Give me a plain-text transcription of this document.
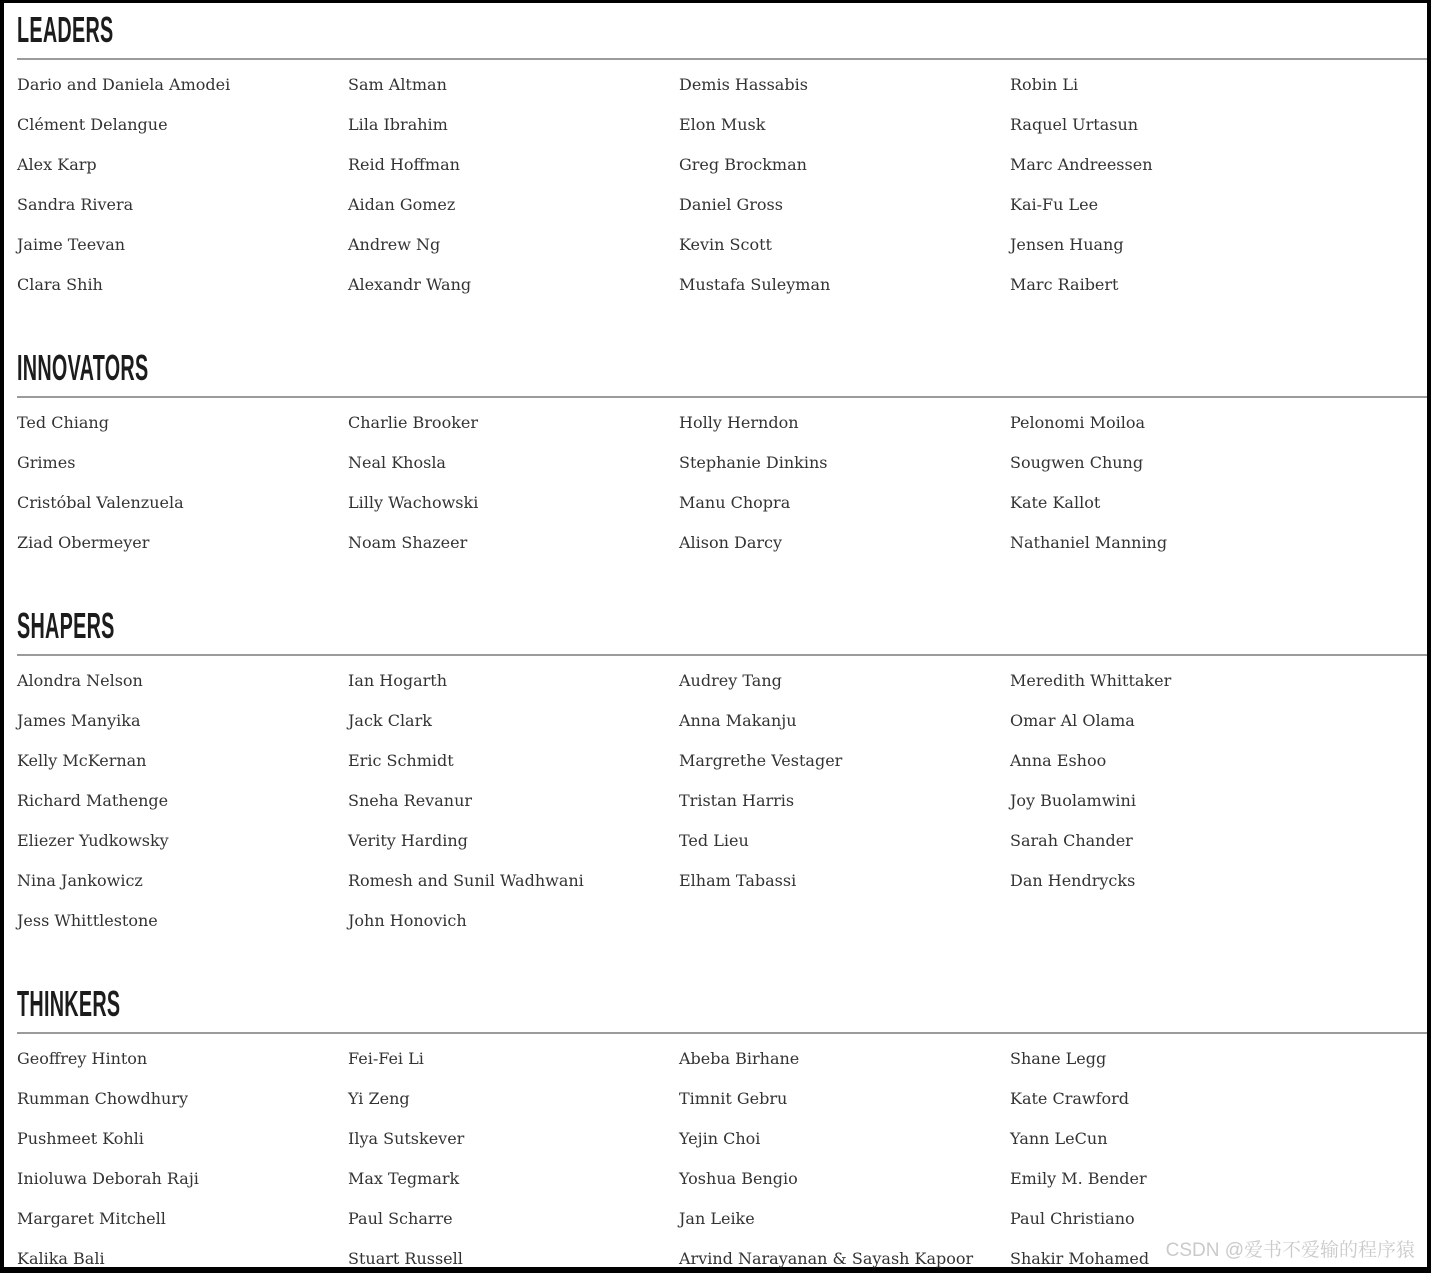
LEADERS
Dario and Daniela Amodei
Clément Delangue
Alex Karp
Sandra Rivera
Jaime Teevan
Clara Shih
Sam Altman
Lila Ibrahim
Reid Hoffman
Aidan Gomez
Andrew Ng
Alexandr Wang
Demis Hassabis
Elon Musk
Greg Brockman
Daniel Gross
Kevin Scott
Mustafa Suleyman
Robin Li
Raquel Urtasun
Marc Andreessen
Kai-Fu Lee
Jensen Huang
Marc Raibert
INNOVATORS
Ted Chiang
Grimes
Cristóbal Valenzuela
Ziad Obermeyer
Charlie Brooker
Neal Khosla
Lilly Wachowski
Noam Shazeer
Holly Herndon
Stephanie Dinkins
Manu Chopra
Alison Darcy
Pelonomi Moiloa
Sougwen Chung
Kate Kallot
Nathaniel Manning
SHAPERS
Alondra Nelson
James Manyika
Kelly McKernan
Richard Mathenge
Eliezer Yudkowsky
Nina Jankowicz
Jess Whittlestone
Ian Hogarth
Jack Clark
Eric Schmidt
Sneha Revanur
Verity Harding
Romesh and Sunil Wadhwani
John Honovich
Audrey Tang
Anna Makanju
Margrethe Vestager
Tristan Harris
Ted Lieu
Elham Tabassi
Meredith Whittaker
Omar Al Olama
Anna Eshoo
Joy Buolamwini
Sarah Chander
Dan Hendrycks
THINKERS
Geoffrey Hinton
Rumman Chowdhury
Pushmeet Kohli
Inioluwa Deborah Raji
Margaret Mitchell
Kalika Bali
Fei-Fei Li
Yi Zeng
Ilya Sutskever
Max Tegmark
Paul Scharre
Stuart Russell
Abeba Birhane
Timnit Gebru
Yejin Choi
Yoshua Bengio
Jan Leike
Arvind Narayanan & Sayash Kapoor
Shane Legg
Kate Crawford
Yann LeCun
Emily M. Bender
Paul Christiano
Shakir Mohamed CSDN @爱书不爱输的程序猿
